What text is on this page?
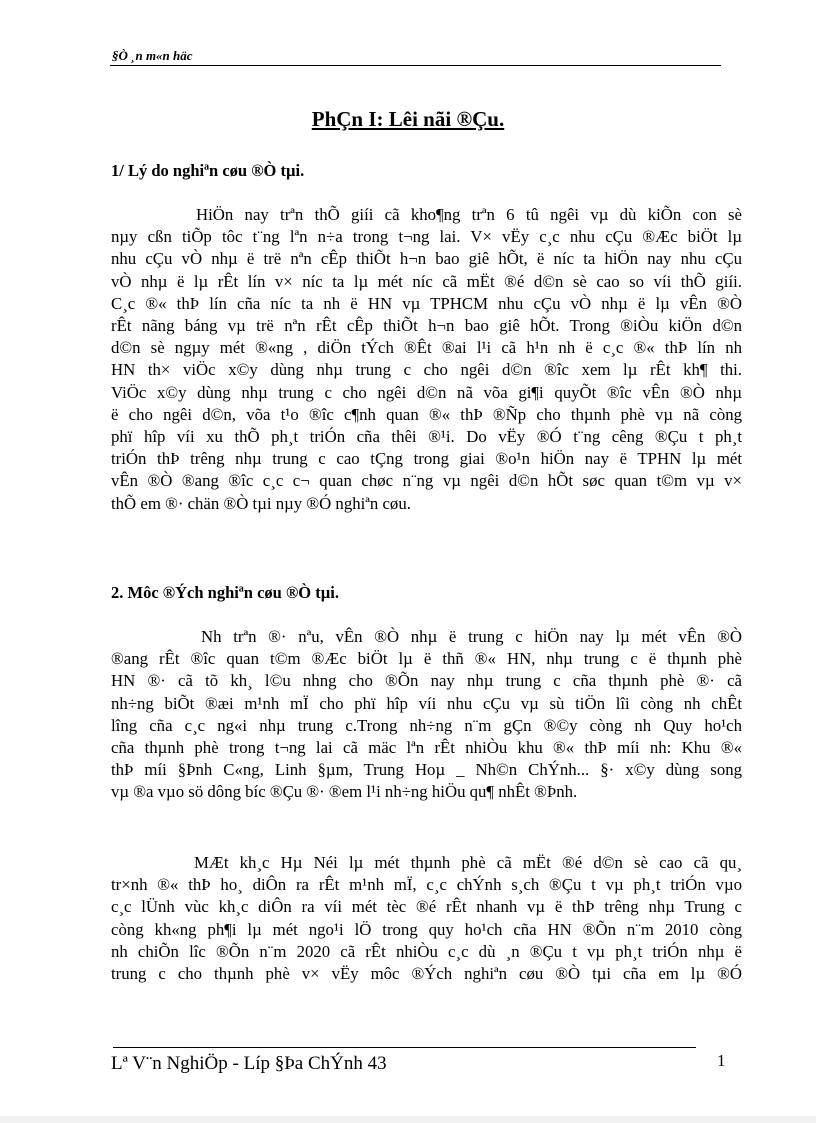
§Ò ¸n m«n häc
PhÇn I: Lêi nãi ®Çu.
1/ Lý do nghiªn cøu ®Ò tµi.
HiÖn nay trªn thÕ giíi cã kho¶ng trªn 6 tû ngêi vµ dù kiÕn con sè
nµy cßn tiÕp tôc t¨ng lªn n÷a trong t¬ng lai. V× vËy c¸c nhu cÇu ®Æc biÖt lµ
nhu cÇu vÒ nhµ ë trë nªn cÊp thiÕt h¬n bao giê hÕt, ë níc ta hiÖn nay nhu cÇu
vÒ nhµ ë lµ rÊt lín v× níc ta lµ mét níc cã mËt ®é d©n sè cao so víi thÕ giíi.
C¸c ®« thÞ lín cña níc ta nh ë HN vµ TPHCM nhu cÇu vÒ nhµ ë lµ vÊn ®Ò
rÊt nãng báng vµ trë nªn rÊt cÊp thiÕt h¬n bao giê hÕt. Trong ®iÒu kiÖn d©n
d©n sè ngµy mét ®«ng , diÖn tÝch ®Êt ®ai l¹i cã h¹n nh ë c¸c ®« thÞ lín nh
HN th× viÖc x©y dùng nhµ trung c cho ngêi d©n ®îc xem lµ rÊt kh¶ thi.
ViÖc x©y dùng nhµ trung c cho ngêi d©n nã võa gi¶i quyÕt ®îc vÊn ®Ò nhµ
ë cho ngêi d©n, võa t¹o ®îc c¶nh quan ®« thÞ ®Ñp cho thµnh phè vµ nã còng
phï hîp víi xu thÕ ph¸t triÓn cña thêi ®¹i. Do vËy ®Ó t¨ng cêng ®Çu t ph¸t
triÓn thÞ trêng nhµ trung c cao tÇng trong giai ®o¹n hiÖn nay ë TPHN lµ mét
vÊn ®Ò ®ang ®îc c¸c c¬ quan chøc n¨ng vµ ngêi d©n hÕt søc quan t©m vµ v×
thÕ em ®· chän ®Ò tµi nµy ®Ó nghiªn cøu.
2. Môc ®Ých nghiªn cøu ®Ò tµi.
Nh trªn ®· nªu, vÊn ®Ò nhµ ë trung c hiÖn nay lµ mét vÊn ®Ò
®ang rÊt ®îc quan t©m ®Æc biÖt lµ ë thñ ®« HN, nhµ trung c ë thµnh phè
HN ®· cã tõ kh¸ l©u nhng cho ®Õn nay nhµ trung c cña thµnh phè ®· cã
nh÷ng biÕt ®æi m¹nh mÏ cho phï hîp víi nhu cÇu vµ sù tiÖn lîi còng nh chÊt
lîng cña c¸c ng«i nhµ trung c.Trong nh÷ng n¨m gÇn ®©y còng nh Quy ho¹ch
cña thµnh phè trong t¬ng lai cã mäc lªn rÊt nhiÒu khu ®« thÞ míi nh: Khu ®«
thÞ míi §Þnh C«ng, Linh §µm, Trung Hoµ _ Nh©n ChÝnh... §· x©y dùng song
vµ ®a vµo sö dông bíc ®Çu ®· ®em l¹i nh÷ng hiÖu qu¶ nhÊt ®Þnh.
MÆt kh¸c Hµ Néi lµ mét thµnh phè cã mËt ®é d©n sè cao cã qu¸
tr×nh ®« thÞ ho¸ diÔn ra rÊt m¹nh mÏ, c¸c chÝnh s¸ch ®Çu t vµ ph¸t triÓn vµo
c¸c lÜnh vùc kh¸c diÔn ra víi mét tèc ®é rÊt nhanh vµ ë thÞ trêng nhµ Trung c
còng kh«ng ph¶i lµ mét ngo¹i lÖ trong quy ho¹ch cña HN ®Õn n¨m 2010 còng
nh chiÕn lîc ®Õn n¨m 2020 cã rÊt nhiÒu c¸c dù ¸n ®Çu t vµ ph¸t triÓn nhµ ë
trung c cho thµnh phè v× vËy môc ®Ých nghiªn cøu ®Ò tµi cña em lµ ®Ó
Lª V¨n NghiÖp - Líp §Þa ChÝnh 43	1
